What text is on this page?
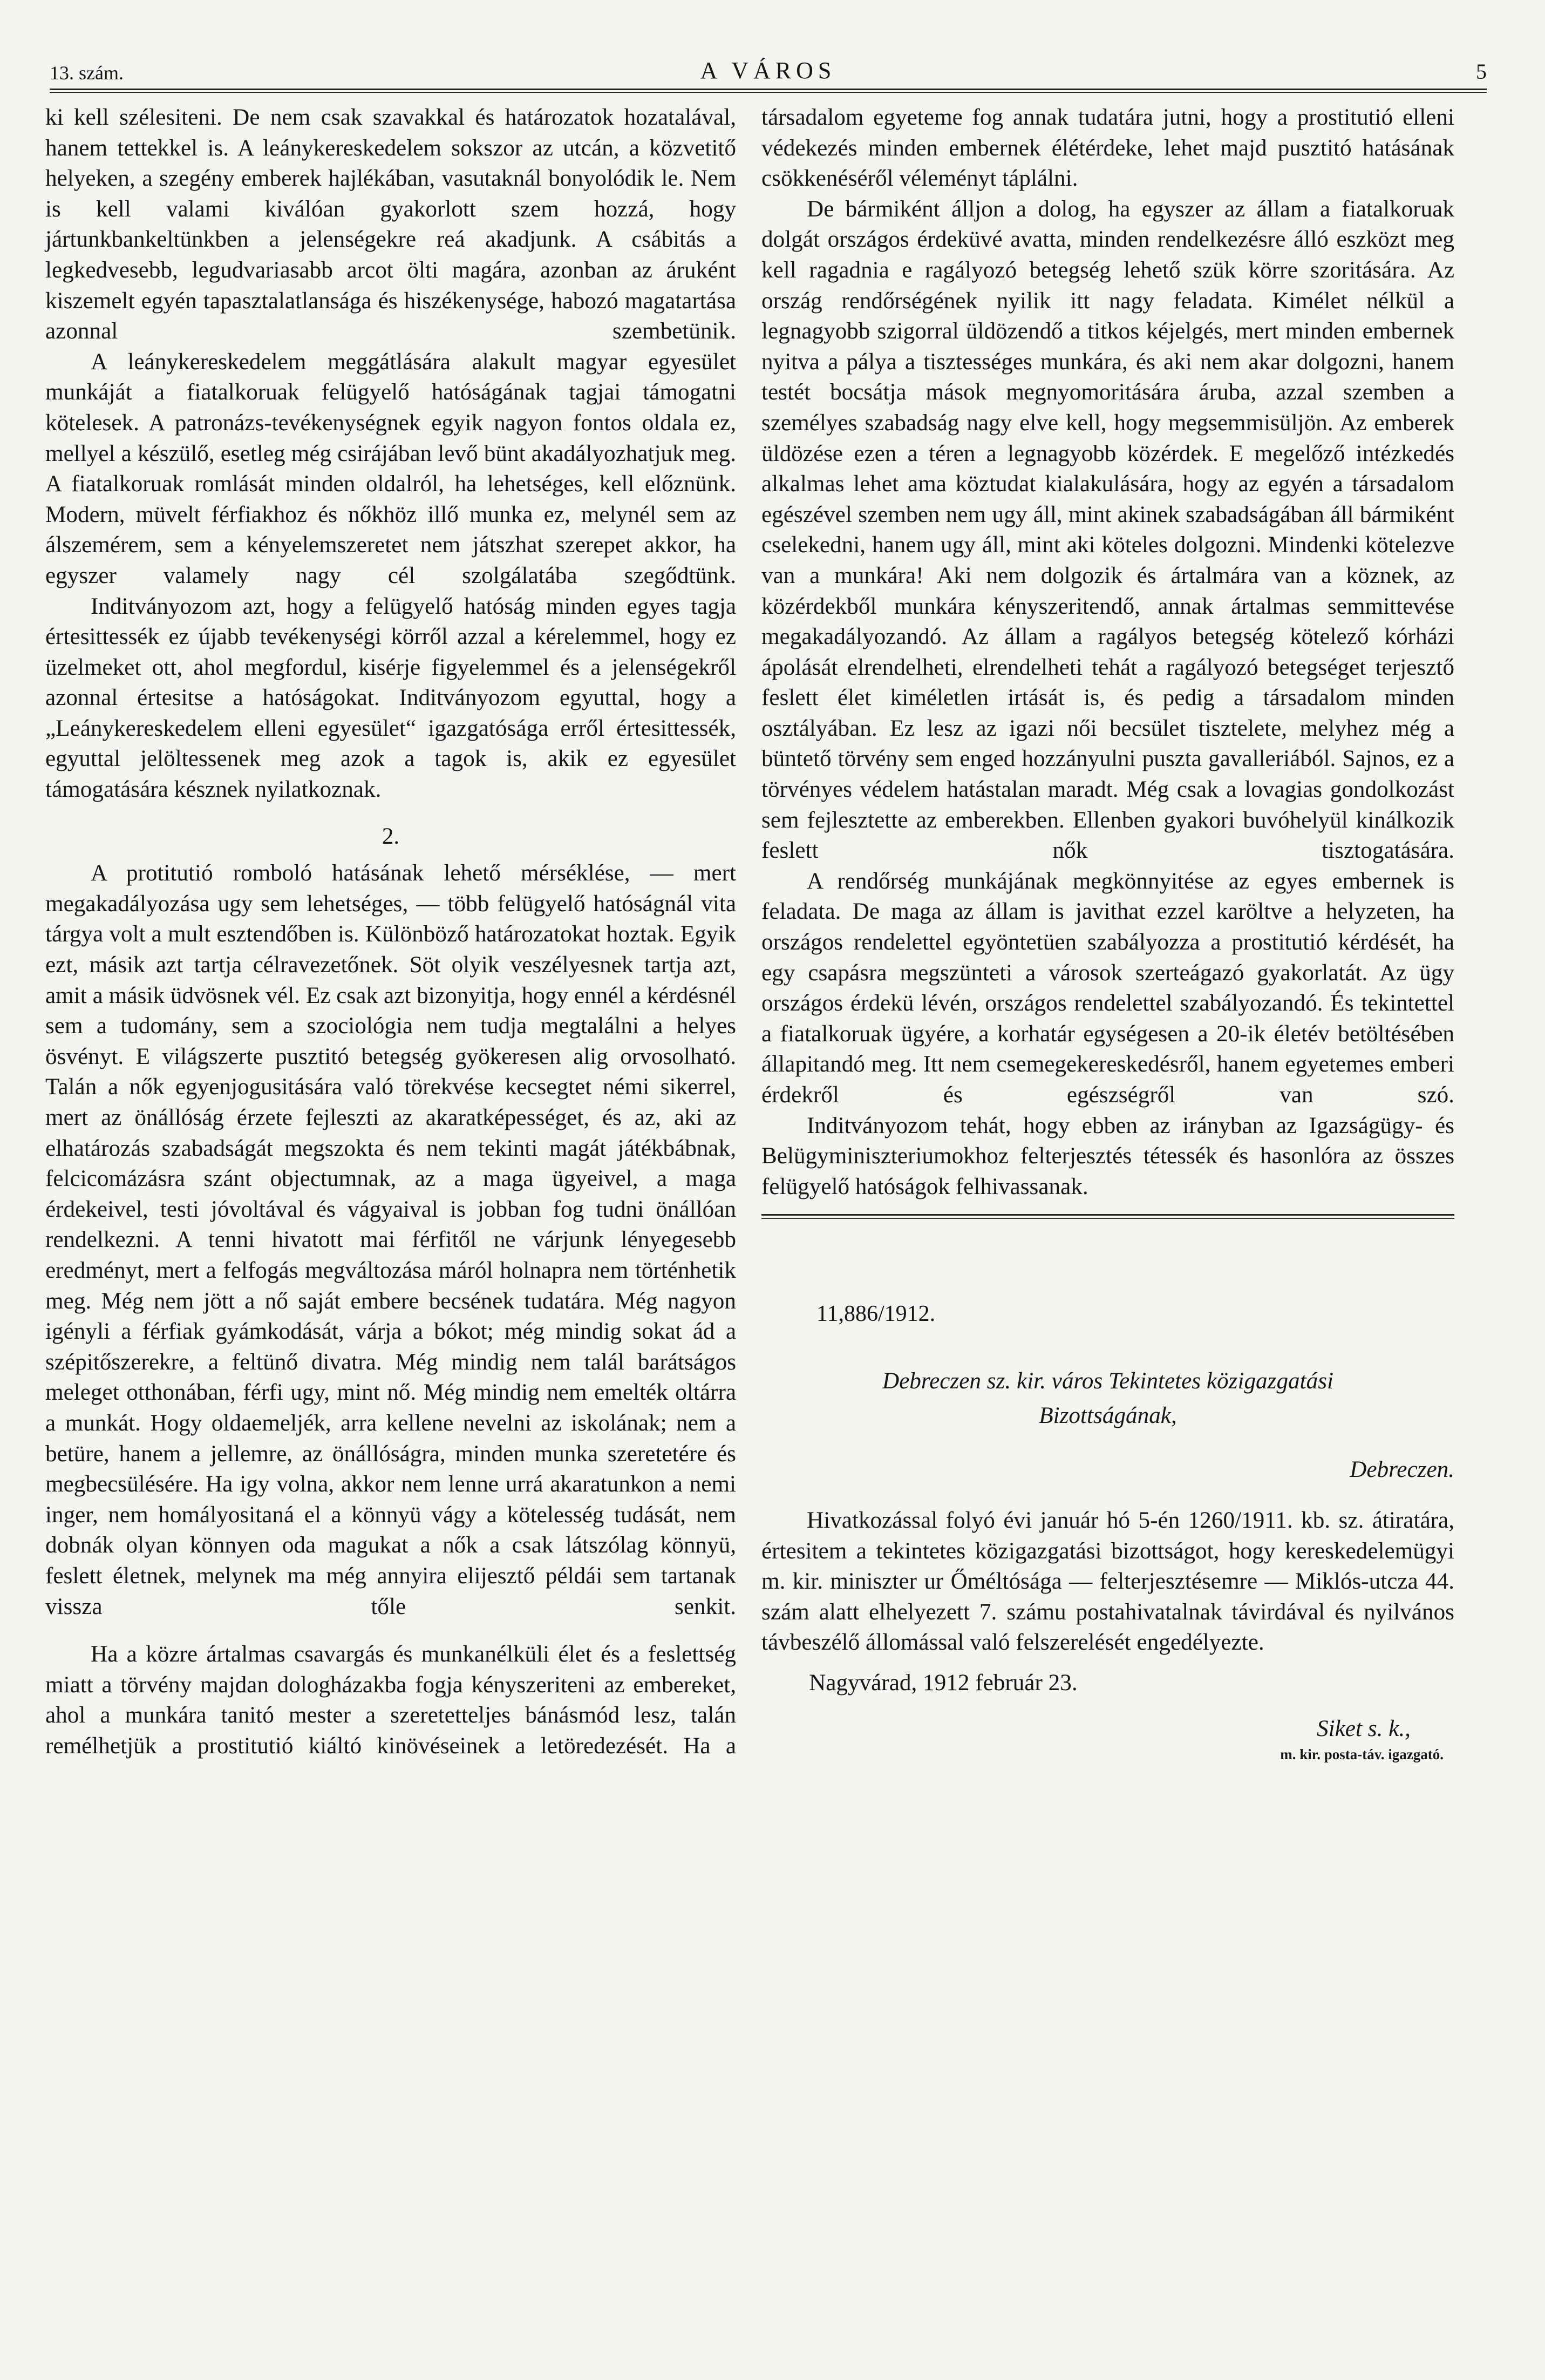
13. szám.	A VÁROS	5

ki kell szélesiteni. De nem csak szavakkal és határozatok hozatalával, hanem tettekkel is. A leánykereskedelem sokszor az utcán, a közvetitő helyeken, a szegény emberek hajlékában, vasutaknál bonyolódik le. Nem is kell valami kiválóan gyakorlott szem hozzá, hogy jártunkbankeltünkben a jelenségekre reá akadjunk. A csábitás a legkedvesebb, legudvariasabb arcot ölti magára, azonban az áruként kiszemelt egyén tapasztalatlansága és hiszékenysége, habozó magatartása azonnal szembetünik.

A leánykereskedelem meggátlására alakult magyar egyesület munkáját a fiatalkoruak felügyelő hatóságának tagjai támogatni kötelesek. A patronázs-tevékenységnek egyik nagyon fontos oldala ez, mellyel a készülő, esetleg még csirájában levő bünt akadályozhatjuk meg. A fiatalkoruak romlását minden oldalról, ha lehetséges, kell előznünk. Modern, müvelt férfiakhoz és nőkhöz illő munka ez, melynél sem az álszemérem, sem a kényelemszeretet nem játszhat szerepet akkor, ha egyszer valamely nagy cél szolgálatába szegődtünk.

Inditványozom azt, hogy a felügyelő hatóság minden egyes tagja értesittessék ez újabb tevékenységi körről azzal a kérelemmel, hogy ez üzelmeket ott, ahol megfordul, kisérje figyelemmel és a jelenségekről azonnal értesitse a hatóságokat. Inditványozom egyuttal, hogy a „Leánykereskedelem elleni egyesület“ igazgatósága erről értesittessék, egyuttal jelöltessenek meg azok a tagok is, akik ez egyesület támogatására késznek nyilatkoznak.

2.

A protitutió romboló hatásának lehető mérséklése, — mert megakadályozása ugy sem lehetséges, — több felügyelő hatóságnál vita tárgya volt a mult esztendőben is. Különböző határozatokat hoztak. Egyik ezt, másik azt tartja célravezetőnek. Söt olyik veszélyesnek tartja azt, amit a másik üdvösnek vél. Ez csak azt bizonyitja, hogy ennél a kérdésnél sem a tudomány, sem a szociológia nem tudja megtalálni a helyes ösvényt. E világszerte pusztitó betegség gyökeresen alig orvosolható. Talán a nők egyenjogusitására való törekvése kecsegtet némi sikerrel, mert az önállóság érzete fejleszti az akaratképességet, és az, aki az elhatározás szabadságát megszokta és nem tekinti magát játékbábnak, felcicomázásra szánt objectumnak, az a maga ügyeivel, a maga érdekeivel, testi jóvoltával és vágyaival is jobban fog tudni önállóan rendelkezni. A tenni hivatott mai férfitől ne várjunk lényegesebb eredményt, mert a felfogás megváltozása máról holnapra nem történhetik meg. Még nem jött a nő saját embere becsének tudatára. Még nagyon igényli a férfiak gyámkodását, várja a bókot; még mindig sokat ád a szépitőszerekre, a feltünő divatra. Még mindig nem talál barátságos meleget otthonában, férfi ugy, mint nő. Még mindig nem emelték oltárra a munkát. Hogy oldaemeljék, arra kellene nevelni az iskolának; nem a betüre, hanem a jellemre, az önállóságra, minden munka szeretetére és megbecsülésére. Ha igy volna, akkor nem lenne urrá akaratunkon a nemi inger, nem homályositaná el a könnyü vágy a kötelesség tudását, nem dobnák olyan könnyen oda magukat a nők a csak látszólag könnyü, feslett életnek, melynek ma még annyira elijesztő példái sem tartanak vissza tőle senkit.

Ha a közre ártalmas csavargás és munkanélküli élet és a feslettség miatt a törvény majdan dologházakba fogja kényszeriteni az embereket, ahol a munkára tanitó mester a szeretetteljes bánásmód lesz, talán remélhetjük a prostitutió kiáltó kinövéseinek a letöredezését. Ha a

társadalom egyeteme fog annak tudatára jutni, hogy a prostitutió elleni védekezés minden embernek élétérdeke, lehet majd pusztitó hatásának csökkenéséről véleményt táplálni.

De bármiként álljon a dolog, ha egyszer az állam a fiatalkoruak dolgát országos érdeküvé avatta, minden rendelkezésre álló eszközt meg kell ragadnia e ragályozó betegség lehető szük körre szoritására. Az ország rendőrségének nyilik itt nagy feladata. Kimélet nélkül a legnagyobb szigorral üldözendő a titkos kéjelgés, mert minden embernek nyitva a pálya a tisztességes munkára, és aki nem akar dolgozni, hanem testét bocsátja mások megnyomoritására áruba, azzal szemben a személyes szabadság nagy elve kell, hogy megsemmisüljön. Az emberek üldözése ezen a téren a legnagyobb közérdek. E megelőző intézkedés alkalmas lehet ama köztudat kialakulására, hogy az egyén a társadalom egészével szemben nem ugy áll, mint akinek szabadságában áll bármiként cselekedni, hanem ugy áll, mint aki köteles dolgozni. Mindenki kötelezve van a munkára! Aki nem dolgozik és ártalmára van a köznek, az közérdekből munkára kényszeritendő, annak ártalmas semmittevése megakadályozandó. Az állam a ragályos betegség kötelező kórházi ápolását elrendelheti, elrendelheti tehát a ragályozó betegséget terjesztő feslett élet kiméletlen irtását is, és pedig a társadalom minden osztályában. Ez lesz az igazi női becsület tisztelete, melyhez még a büntető törvény sem enged hozzányulni puszta gavalleriából. Sajnos, ez a törvényes védelem hatástalan maradt. Még csak a lovagias gondolkozást sem fejlesztette az emberekben. Ellenben gyakori buvóhelyül kinálkozik feslett nők tisztogatására.

A rendőrség munkájának megkönnyitése az egyes embernek is feladata. De maga az állam is javithat ezzel karöltve a helyzeten, ha országos rendelettel egyöntetüen szabályozza a prostitutió kérdését, ha egy csapásra megszünteti a városok szerteágazó gyakorlatát. Az ügy országos érdekü lévén, országos rendelettel szabályozandó. És tekintettel a fiatalkoruak ügyére, a korhatár egységesen a 20-ik életév betöltésében állapitandó meg. Itt nem csemegekereskedésről, hanem egyetemes emberi érdekről és egészségről van szó.

Inditványozom tehát, hogy ebben az irányban az Igazságügy- és Belügyminiszteriumokhoz felterjesztés tétessék és hasonlóra az összes felügyelő hatóságok felhivassanak.

11,886/1912.
Debreczen sz. kir. város Tekintetes közigazgatási
Bizottságának,
Debreczen.

Hivatkozással folyó évi január hó 5-én 1260/1911. kb. sz. átiratára, értesitem a tekintetes közigazgatási bizottságot, hogy kereskedelemügyi m. kir. miniszter ur Őméltósága — felterjesztésemre — Miklós-utcza 44. szám alatt elhelyezett 7. számu postahivatalnak távirdával és nyilvános távbeszélő állomással való felszerelését engedélyezte.

Nagyvárad, 1912 február 23.
Siket s. k.,
m. kir. posta-táv. igazgató.
